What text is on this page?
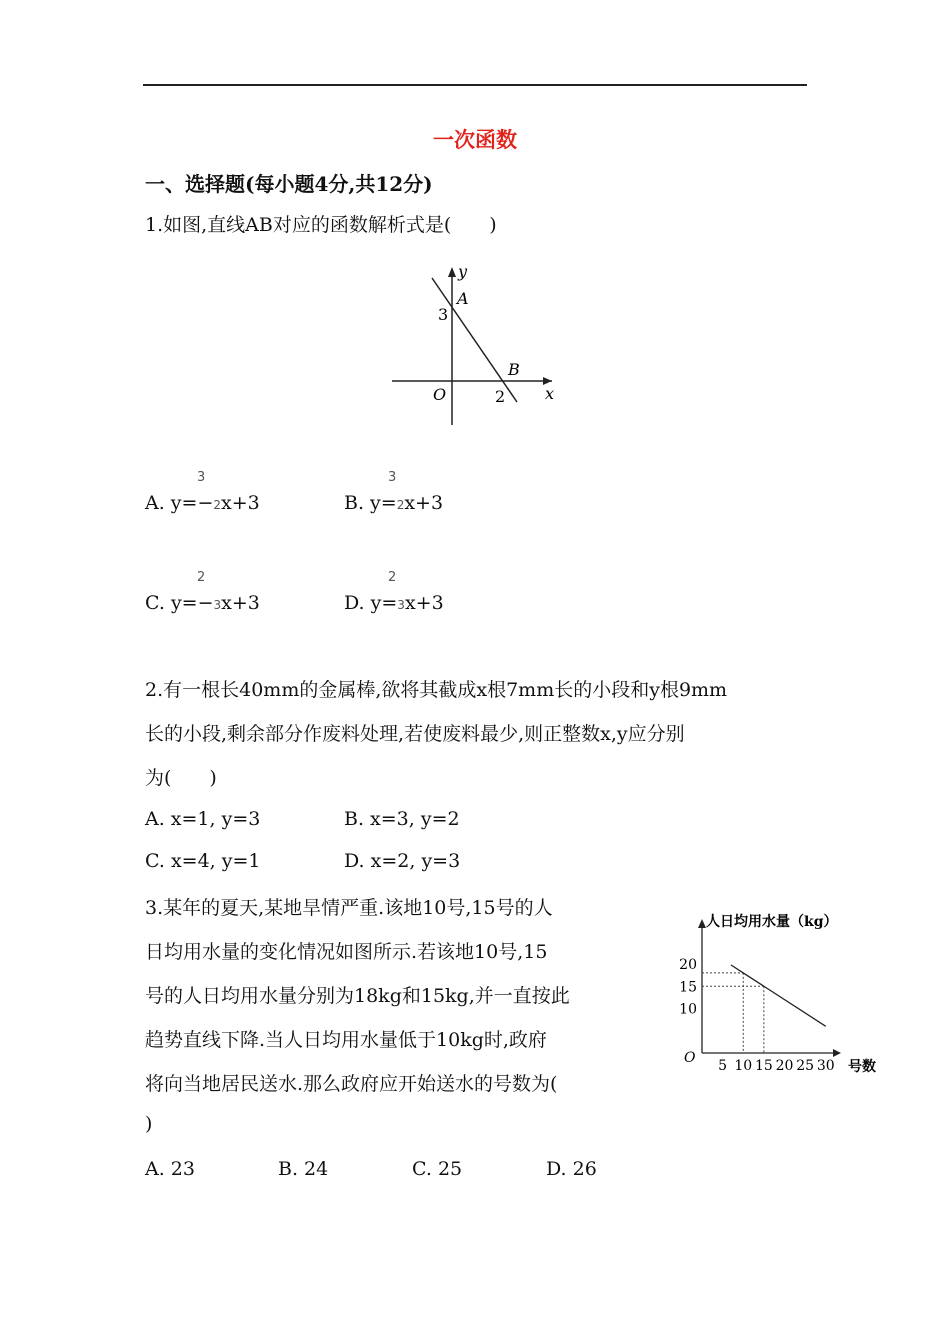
一次函数
一、选择题(每小题4分,共12分)
1.如图,直线AB对应的函数解析式是(　　)
y
A
3
B
O	2 x
3
A. y=−2x+3
3
B. y=2x+3
2
C. y=−3x+3
2
D. y=3x+3
2.有一根长40mm的金属棒,欲将其截成x根7mm长的小段和y根9mm
长的小段,剩余部分作废料处理,若使废料最少,则正整数x,y应分别
为(　　)
A. x=1, y=3	B. x=3, y=2
C. x=4, y=1	D. x=2, y=3
3.某年的夏天,某地旱情严重.该地10号,15号的人
日均用水量的变化情况如图所示.若该地10号,15
号的人日均用水量分别为18kg和15kg,并一直按此
趋势直线下降.当人日均用水量低于10kg时,政府
将向当地居民送水.那么政府应开始送水的号数为(
)
A. 23	B. 24	C. 25	D. 26
人日均用水量（kg）
号数
O
20
15
10
5 10 15 20 25 30
